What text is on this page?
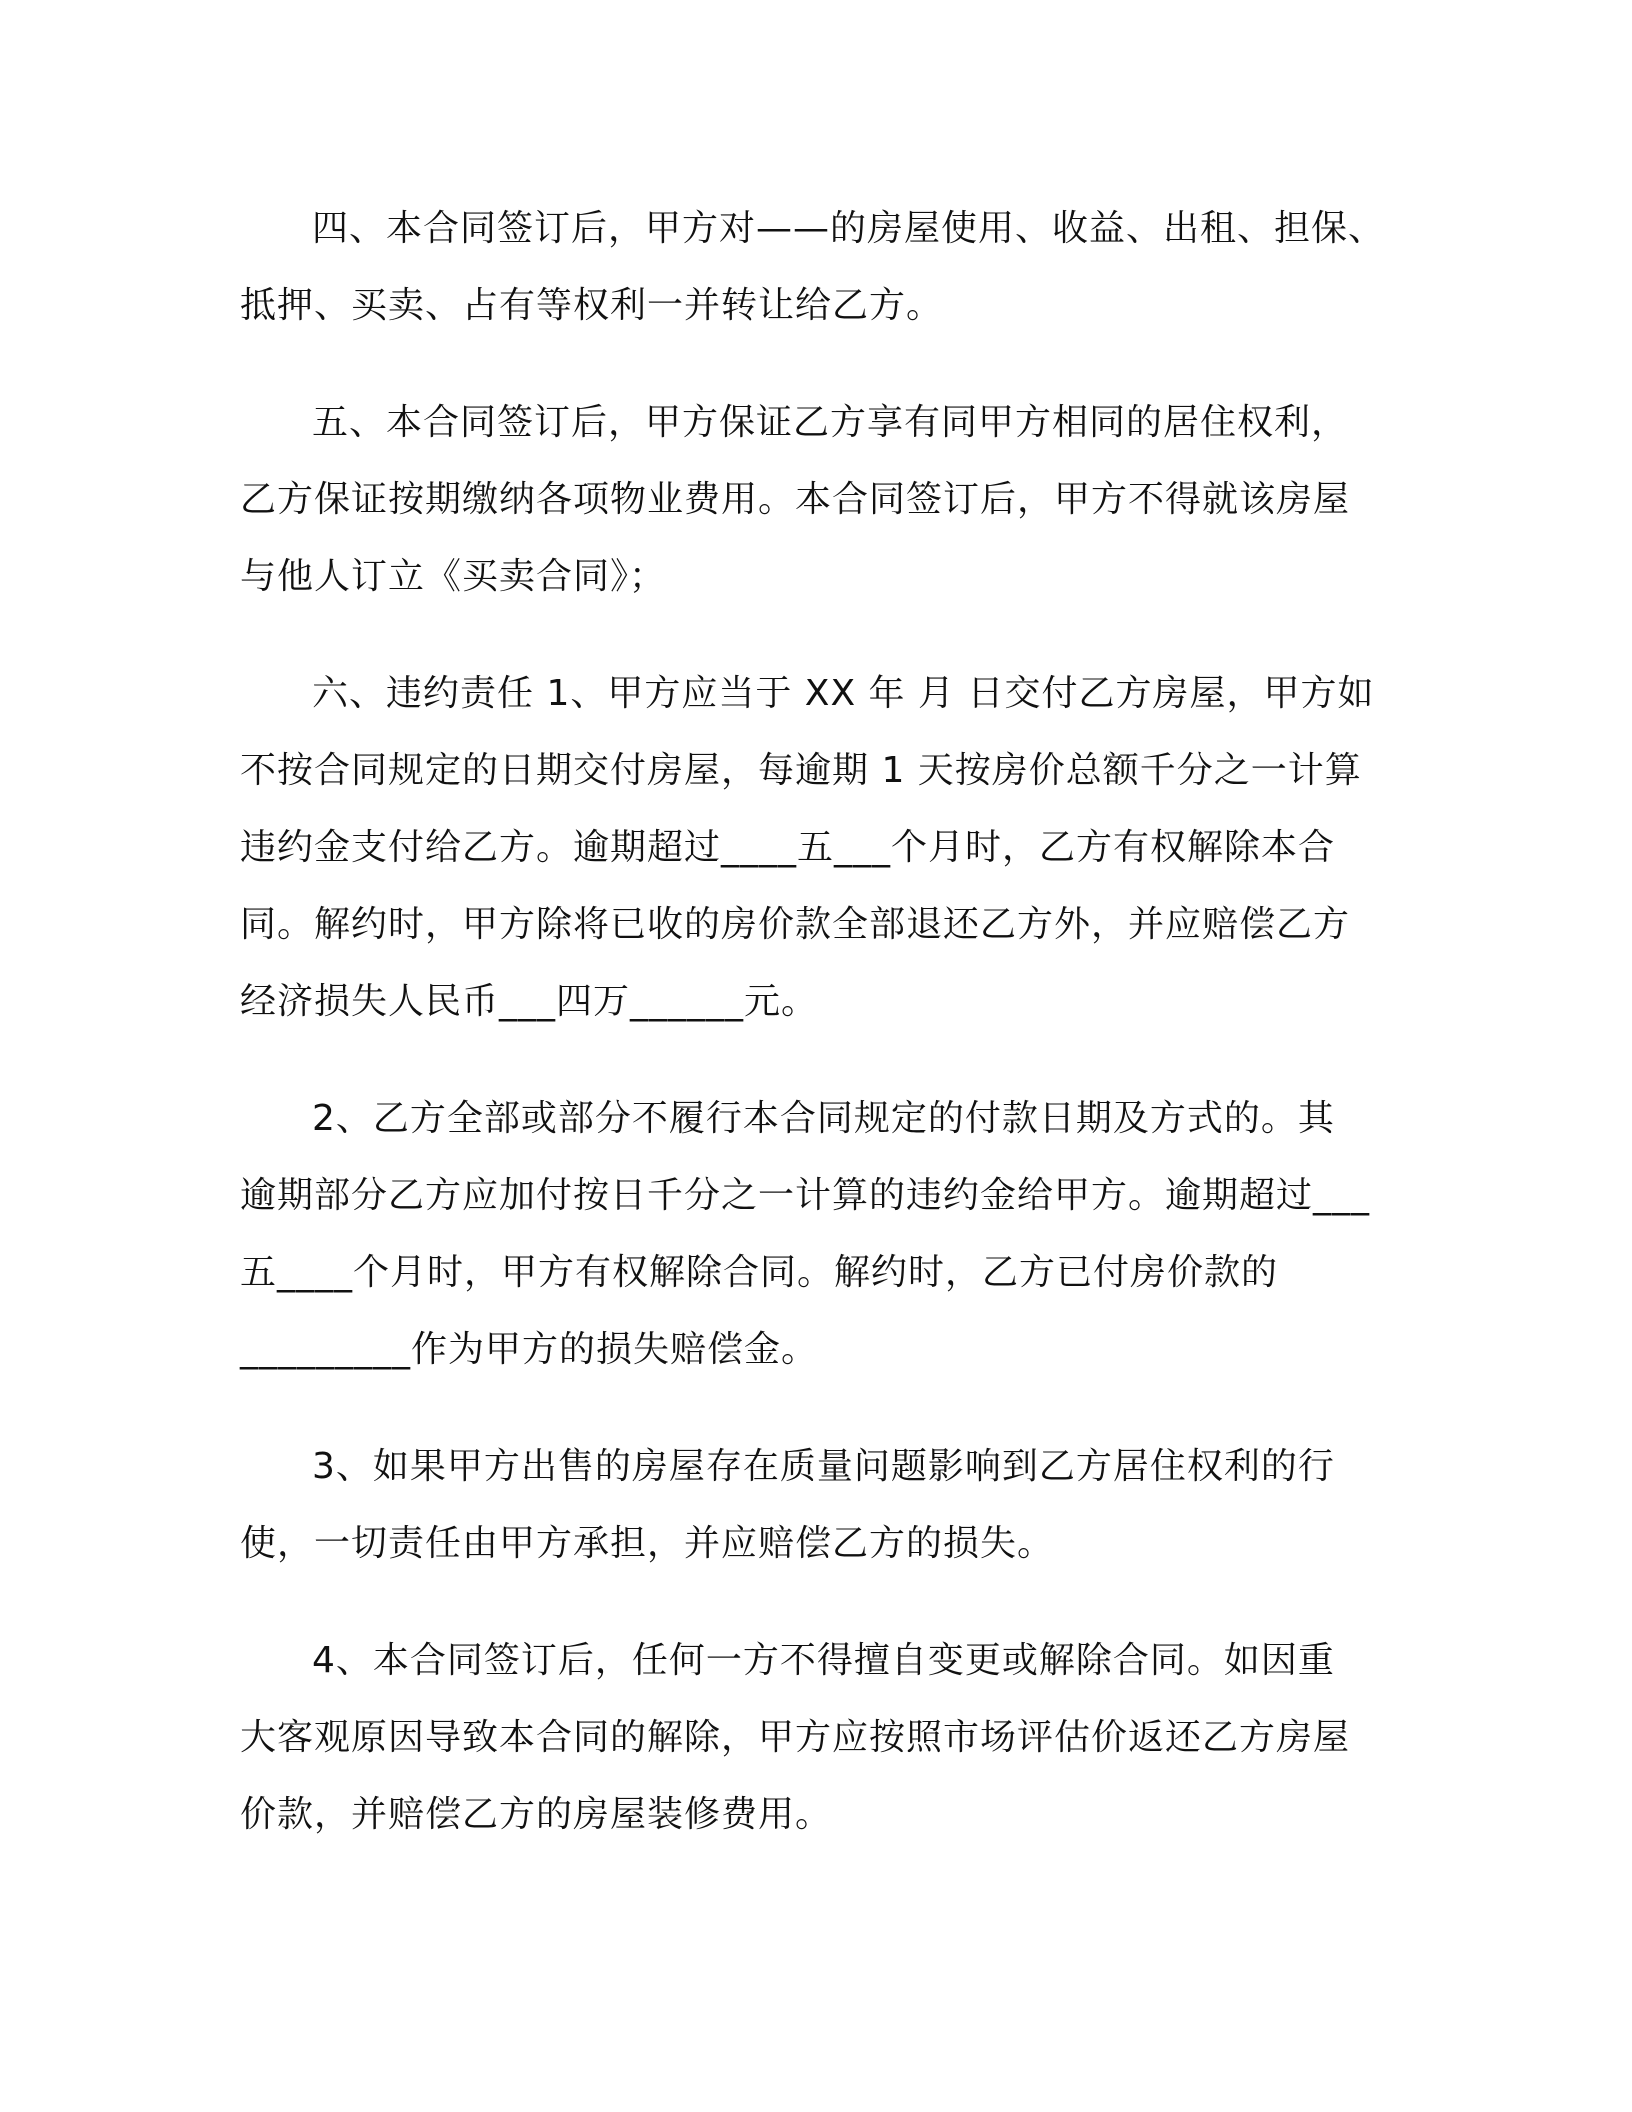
四、本合同签订后，甲方对——的房屋使用、收益、出租、担保、
抵押、买卖、占有等权利一并转让给乙方。

五、本合同签订后，甲方保证乙方享有同甲方相同的居住权利，
乙方保证按期缴纳各项物业费用。本合同签订后，甲方不得就该房屋
与他人订立《买卖合同》；

六、违约责任 1、甲方应当于 XX 年 月 日交付乙方房屋，甲方如
不按合同规定的日期交付房屋，每逾期 1 天按房价总额千分之一计算
违约金支付给乙方。逾期超过____五___个月时，乙方有权解除本合
同。解约时，甲方除将已收的房价款全部退还乙方外，并应赔偿乙方
经济损失人民币___四万______元。

2、乙方全部或部分不履行本合同规定的付款日期及方式的。其
逾期部分乙方应加付按日千分之一计算的违约金给甲方。逾期超过___
五____个月时，甲方有权解除合同。解约时，乙方已付房价款的
_________作为甲方的损失赔偿金。

3、如果甲方出售的房屋存在质量问题影响到乙方居住权利的行
使，一切责任由甲方承担，并应赔偿乙方的损失。

4、本合同签订后，任何一方不得擅自变更或解除合同。如因重
大客观原因导致本合同的解除，甲方应按照市场评估价返还乙方房屋
价款，并赔偿乙方的房屋装修费用。
